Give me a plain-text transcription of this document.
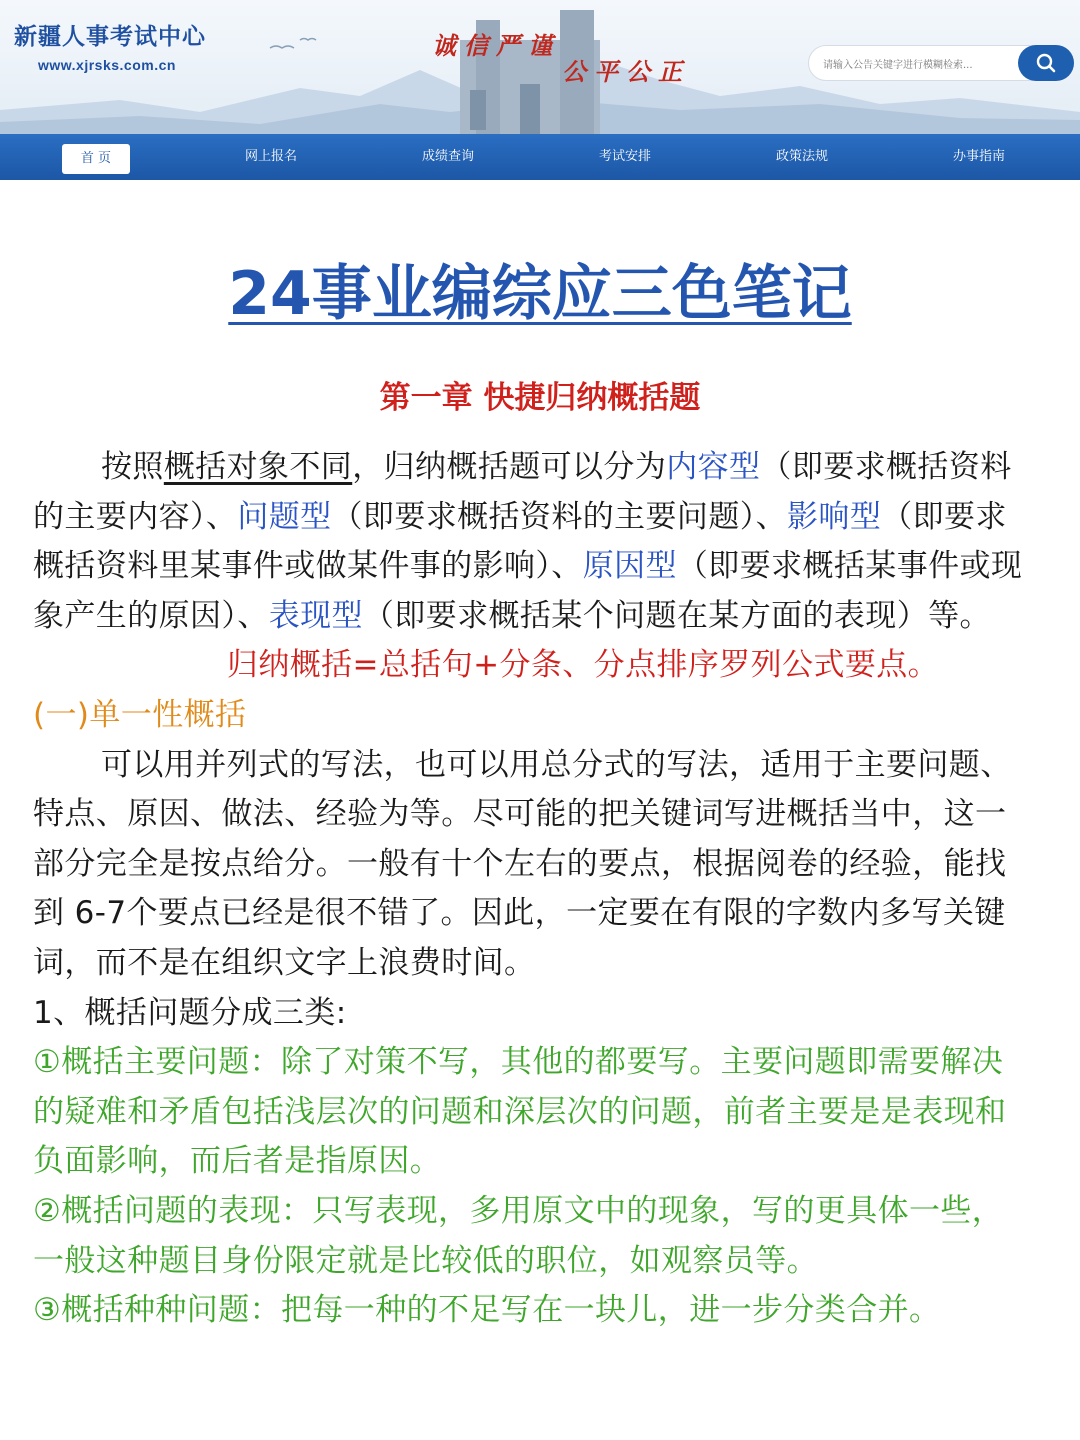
新疆人事考试中心
www.xjrsks.com.cn
诚信严谨
公平公正	请输入公告关键字进行模糊检索...
首 页	网上报名	成绩查询	考试安排	政策法规	办事指南
24事业编综应三色笔记
第一章 快捷归纳概括题

按照概括对象不同，归纳概括题可以分为内容型（即要求概括资料的主要内容）、问题型（即要求概括资料的主要问题）、影响型（即要求概括资料里某事件或做某件事的影响）、原因型（即要求概括某事件或现象产生的原因）、表现型（即要求概括某个问题在某方面的表现）等。

归纳概括=总括句+分条、分点排序罗列公式要点。

(一)单一性概括

可以用并列式的写法，也可以用总分式的写法，适用于主要问题、特点、原因、做法、经验为等。尽可能的把关键词写进概括当中，这一部分完全是按点给分。一般有十个左右的要点，根据阅卷的经验，能找到 6-7个要点已经是很不错了。因此，一定要在有限的字数内多写关键词，而不是在组织文字上浪费时间。

1、概括问题分成三类:

①概括主要问题：除了对策不写，其他的都要写。主要问题即需要解决的疑难和矛盾包括浅层次的问题和深层次的问题，前者主要是是表现和负面影响，而后者是指原因。

②概括问题的表现：只写表现，多用原文中的现象，写的更具体一些，一般这种题目身份限定就是比较低的职位，如观察员等。

③概括种种问题：把每一种的不足写在一块儿，进一步分类合并。
